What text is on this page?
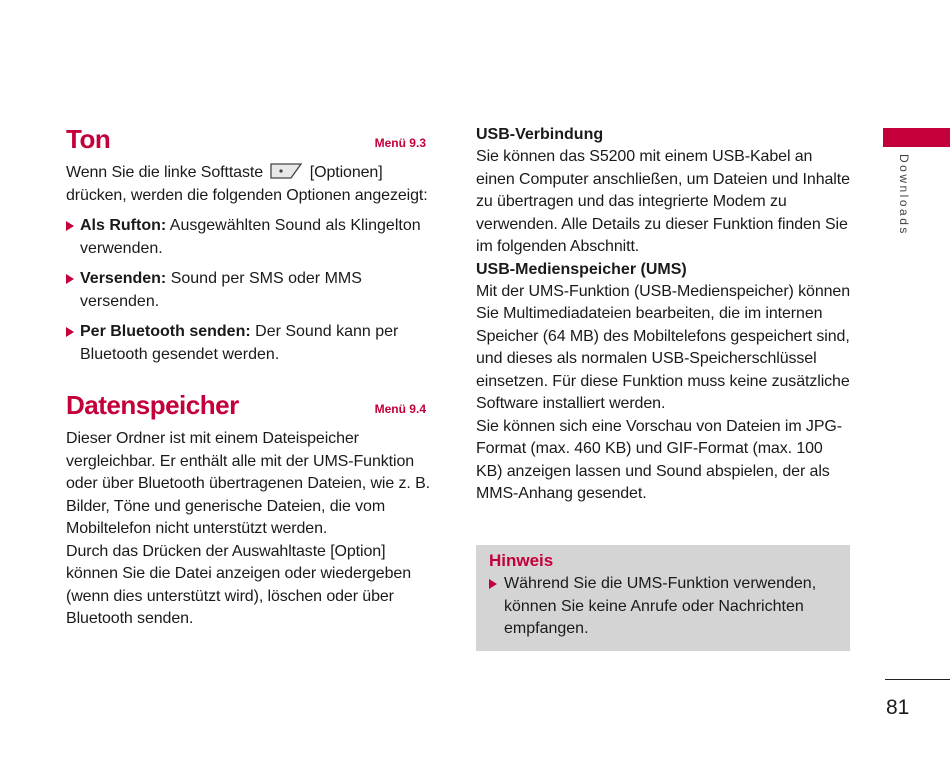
Downloads
81
Ton	Menü 9.3

Wenn Sie die linke Softtaste	[Optionen]
drücken, werden die folgenden Optionen angezeigt:

Als Rufton: Ausgewählten Sound als Klingelton verwenden.
Versenden: Sound per SMS oder MMS versenden.
Per Bluetooth senden: Der Sound kann per Bluetooth gesendet werden.
Datenspeicher	Menü 9.4

Dieser Ordner ist mit einem Dateispeicher vergleichbar. Er enthält alle mit der UMS-Funktion oder über Bluetooth übertragenen Dateien, wie z. B. Bilder, Töne und generische Dateien, die vom Mobiltelefon nicht unterstützt werden.

Durch das Drücken der Auswahltaste [Option] können Sie die Datei anzeigen oder wiedergeben (wenn dies unterstützt wird), löschen oder über Bluetooth senden.

USB-Verbindung

Sie können das S5200 mit einem USB-Kabel an einen Computer anschließen, um Dateien und Inhalte zu übertragen und das integrierte Modem zu verwenden. Alle Details zu dieser Funktion finden Sie im folgenden Abschnitt.

USB-Medienspeicher (UMS)

Mit der UMS-Funktion (USB-Medienspeicher) können Sie Multimediadateien bearbeiten, die im internen Speicher (64 MB) des Mobiltelefons gespeichert sind, und dieses als normalen USB-Speicherschlüssel einsetzen. Für diese Funktion muss keine zusätzliche Software installiert werden.

Sie können sich eine Vorschau von Dateien im JPG-Format (max. 460 KB) und GIF-Format (max. 100 KB) anzeigen lassen und Sound abspielen, der als MMS-Anhang gesendet.

Hinweis
Während Sie die UMS-Funktion verwenden, können Sie keine Anrufe oder Nachrichten empfangen.
